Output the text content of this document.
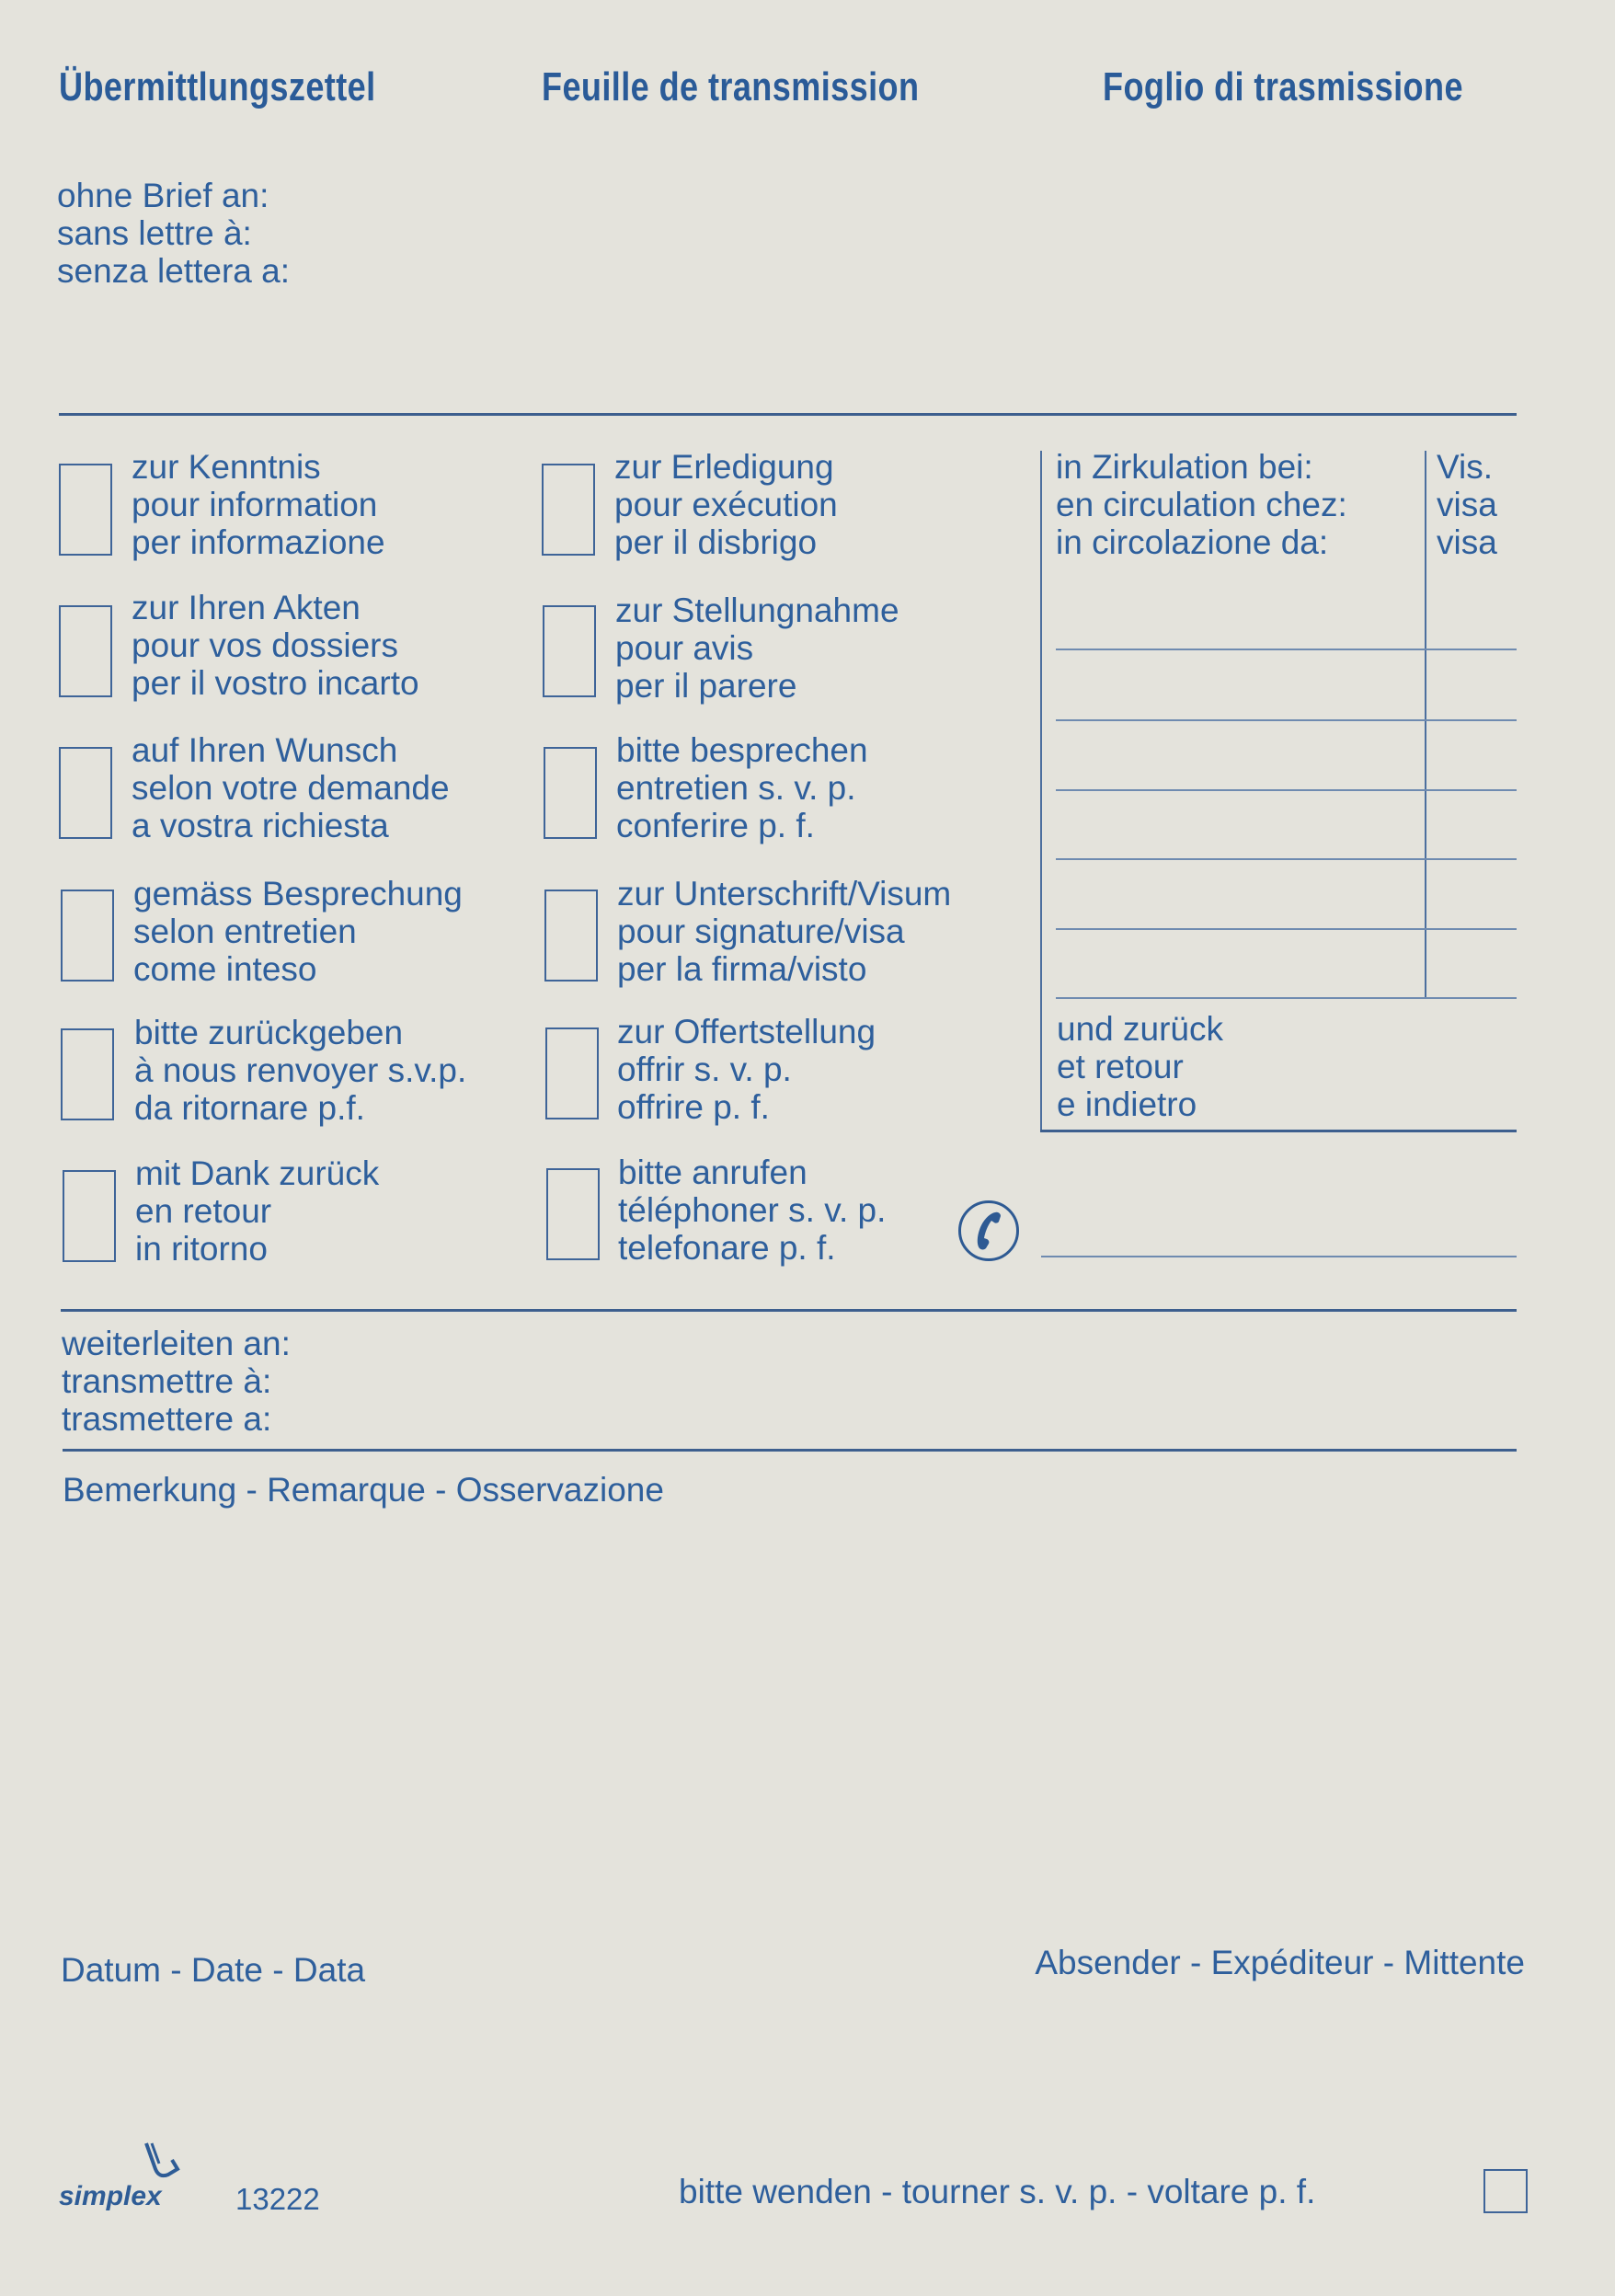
Übermittlungszettel	Feuille de transmission	Foglio di trasmissione
ohne Brief an:
sans lettre à:
senza lettera a:
zur Kenntnis
pour information
per informazione
zur Ihren Akten
pour vos dossiers
per il vostro incarto
auf Ihren Wunsch
selon votre demande
a vostra richiesta
gemäss Besprechung
selon entretien
come inteso
bitte zurückgeben
à nous renvoyer s.v.p.
da ritornare p.f.
mit Dank zurück
en retour
in ritorno
zur Erledigung
pour exécution
per il disbrigo
zur Stellungnahme
pour avis
per il parere
bitte besprechen
entretien s. v. p.
conferire p. f.
zur Unterschrift/Visum
pour signature/visa
per la firma/visto
zur Offertstellung
offrir s. v. p.
offrire p. f.
bitte anrufen
téléphoner s. v. p.
telefonare p. f.
in Zirkulation bei:
en circulation chez:
in circolazione da:
Vis.
visa
visa
und zurück
et retour
e indietro
weiterleiten an:
transmettre à:
trasmettere a:
Bemerkung - Remarque - Osservazione
Datum - Date - Data	Absender - Expéditeur - Mittente
simplex 13222	bitte wenden - tourner s. v. p. - voltare p. f.
